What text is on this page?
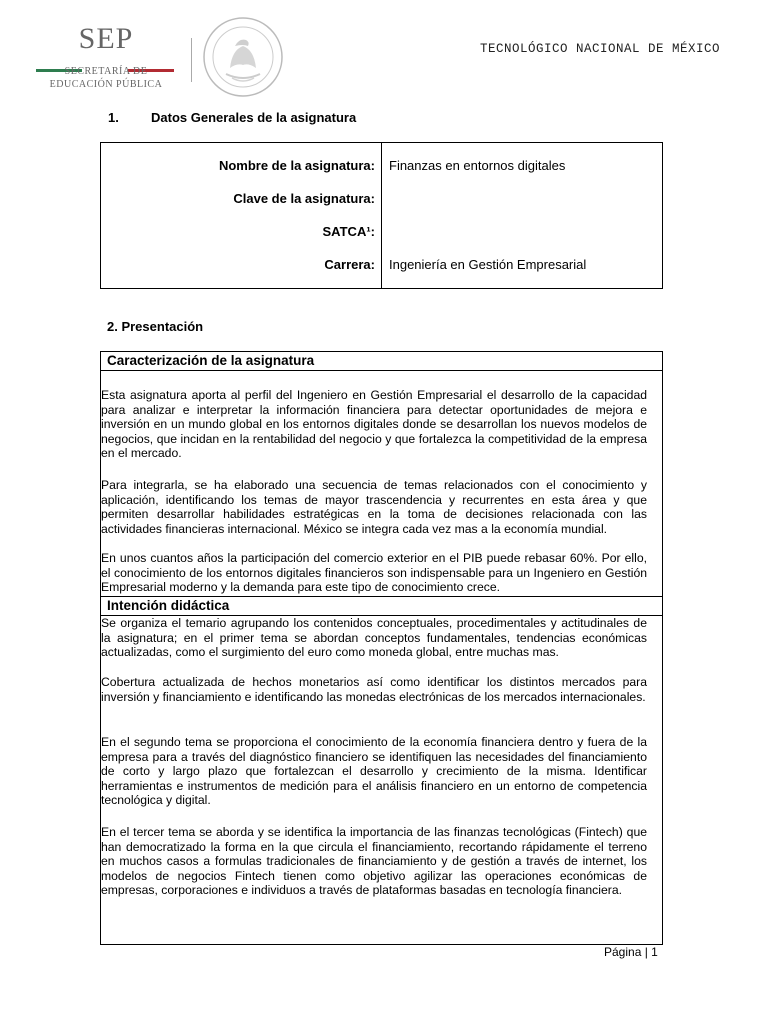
SEP
SECRETARÍA DE
EDUCACIÓN PÚBLICA
TECNOLÓGICO NACIONAL DE MÉXICO
1. Datos Generales de la asignatura
Nombre de la asignatura: Finanzas en entornos digitales
Clave de la asignatura:
SATCA¹:
Carrera: Ingeniería en Gestión Empresarial
2. Presentación
Caracterización de la asignatura
Esta asignatura aporta al perfil del Ingeniero en Gestión Empresarial el desarrollo de la capacidad para analizar e interpretar la información financiera para detectar oportunidades de mejora e inversión en un mundo global en los entornos digitales donde se desarrollan los nuevos modelos de negocios, que incidan en la rentabilidad del negocio y que fortalezca la competitividad de la empresa en el mercado.
Para integrarla, se ha elaborado una secuencia de temas relacionados con el conocimiento y aplicación, identificando los temas de mayor trascendencia y recurrentes en esta área y que permiten desarrollar habilidades estratégicas en la toma de decisiones relacionada con las actividades financieras internacional. México se integra cada vez mas a la economía mundial.
En unos cuantos años la participación del comercio exterior en el PIB puede rebasar 60%. Por ello, el conocimiento de los entornos digitales financieros son indispensable para un Ingeniero en Gestión Empresarial moderno y la demanda para este tipo de conocimiento crece.
Intención didáctica
Se organiza el temario agrupando los contenidos conceptuales, procedimentales y actitudinales de la asignatura; en el primer tema se abordan conceptos fundamentales, tendencias económicas actualizadas, como el surgimiento del euro como moneda global, entre muchas mas.
Cobertura actualizada de hechos monetarios así como identificar los distintos mercados para inversión y financiamiento e identificando las monedas electrónicas de los mercados internacionales.
En el segundo tema se proporciona el conocimiento de la economía financiera dentro y fuera de la empresa para a través del diagnóstico financiero se identifiquen las necesidades del financiamiento de corto y largo plazo que fortalezcan el desarrollo y crecimiento de la misma. Identificar herramientas e instrumentos de medición para el análisis financiero en un entorno de competencia tecnológica y digital.
En el tercer tema se aborda y se identifica la importancia de las finanzas tecnológicas (Fintech) que han democratizado la forma en la que circula el financiamiento, recortando rápidamente el terreno en muchos casos a formulas tradicionales de financiamiento y de gestión a través de internet, los modelos de negocios Fintech tienen como objetivo agilizar las operaciones económicas de empresas, corporaciones e individuos a través de plataformas basadas en tecnología financiera.
Página | 1
